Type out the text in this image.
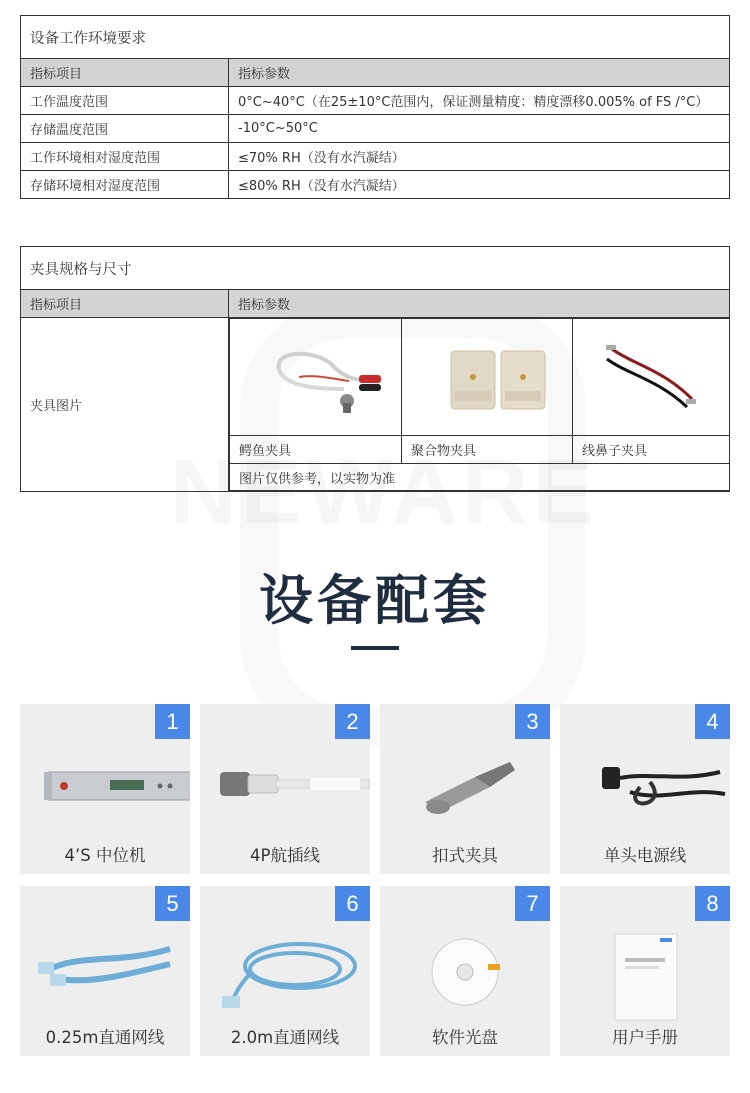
设备工作环境要求	
指标项目	指标参数
工作温度范围	0°C~40°C（在25±10°C范围内，保证测量精度：精度漂移0.005% of FS /°C）
存储温度范围	-10°C~50°C
工作环境相对湿度范围	≤70% RH（没有水汽凝结）
存储环境相对湿度范围	≤80% RH（没有水汽凝结）
夹具规格与尺寸
指标项目	指标参数
夹具图片	

鳄鱼夹具	聚合物夹具	线鼻子夹具
图片仅供参考，以实物为准
设备配套
1
4’S 中位机
2
4P航插线
3
扣式夹具
4
单头电源线
5
0.25m直通网线
6
2.0m直通网线
7
软件光盘
8
用户手册
